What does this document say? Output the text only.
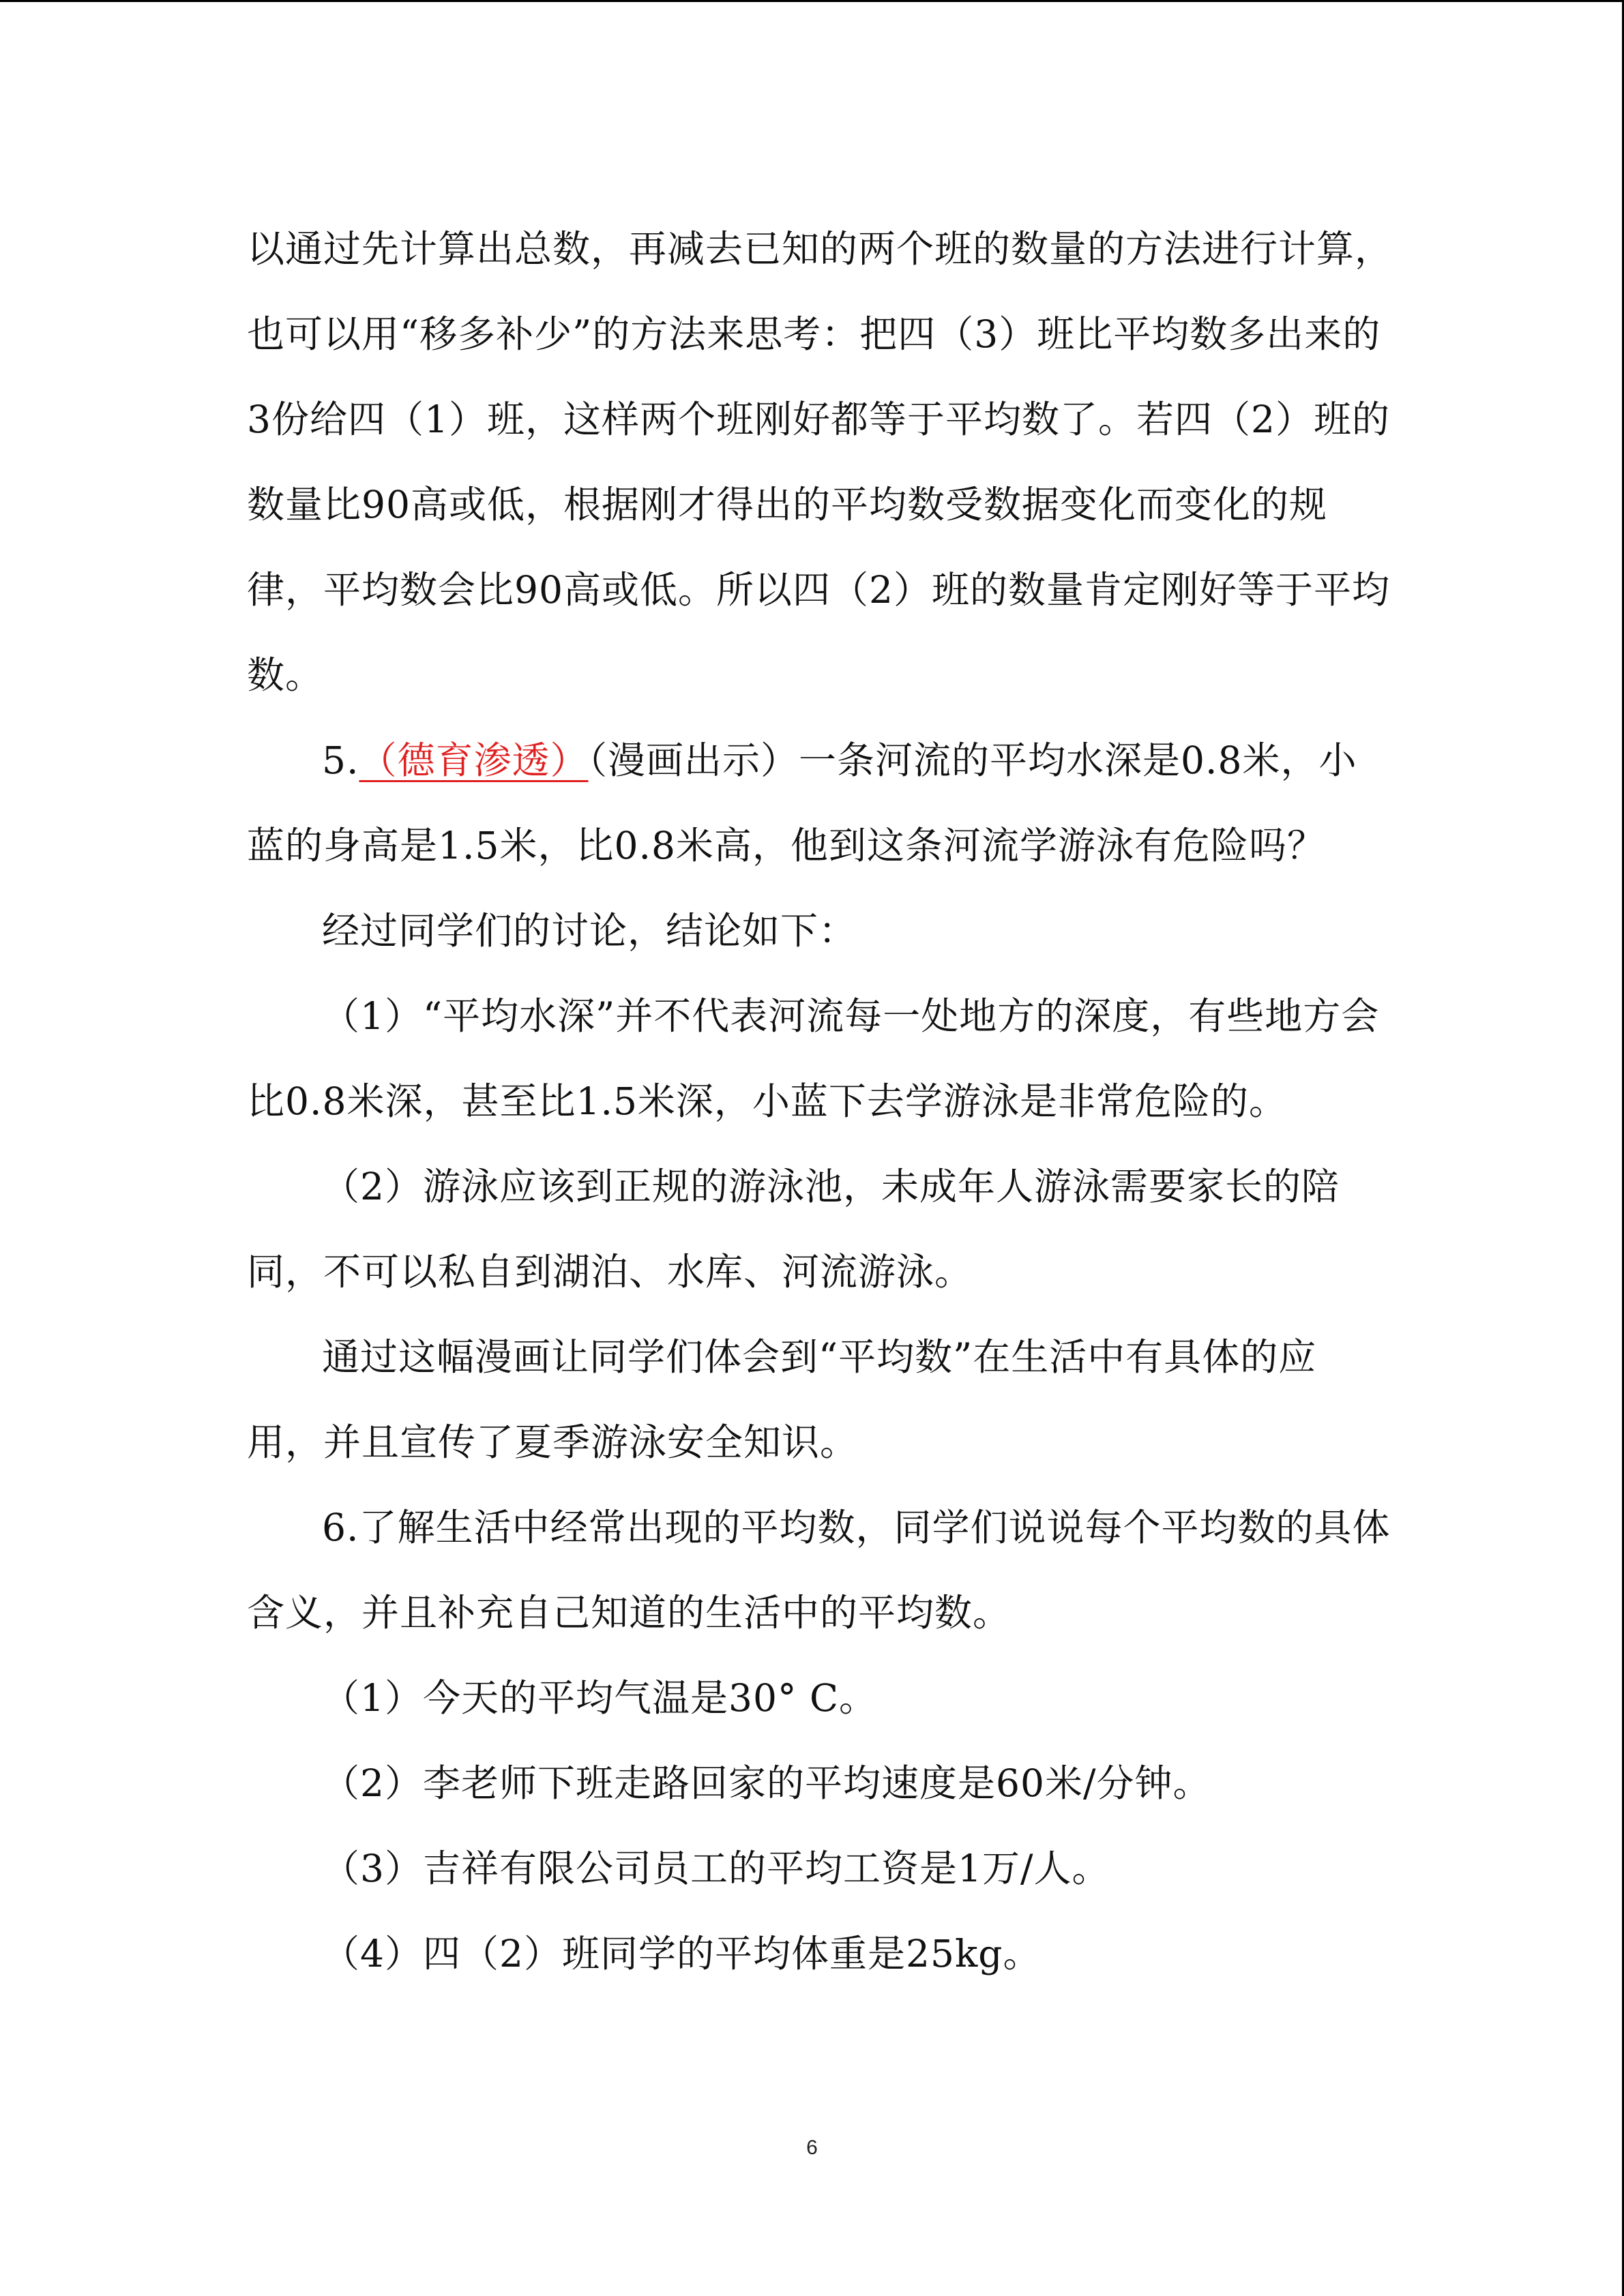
以通过先计算出总数，再减去已知的两个班的数量的方法进行计算，也可以用“移多补少”的方法来思考：把四（3）班比平均数多出来的3份给四（1）班，这样两个班刚好都等于平均数了。若四（2）班的数量比90高或低，根据刚才得出的平均数受数据变化而变化的规律，平均数会比90高或低。所以四（2）班的数量肯定刚好等于平均数。

5.（德育渗透）（漫画出示）一条河流的平均水深是0.8米，小蓝的身高是1.5米，比0.8米高，他到这条河流学游泳有危险吗？

经过同学们的讨论，结论如下：

（1）“平均水深”并不代表河流每一处地方的深度，有些地方会比0.8米深，甚至比1.5米深，小蓝下去学游泳是非常危险的。

（2）游泳应该到正规的游泳池，未成年人游泳需要家长的陪同，不可以私自到湖泊、水库、河流游泳。

通过这幅漫画让同学们体会到“平均数”在生活中有具体的应用，并且宣传了夏季游泳安全知识。

6.了解生活中经常出现的平均数，同学们说说每个平均数的具体含义，并且补充自己知道的生活中的平均数。

（1）今天的平均气温是30° C。

（2）李老师下班走路回家的平均速度是60米/分钟。

（3）吉祥有限公司员工的平均工资是1万/人。

（4）四（2）班同学的平均体重是25kg。

6
